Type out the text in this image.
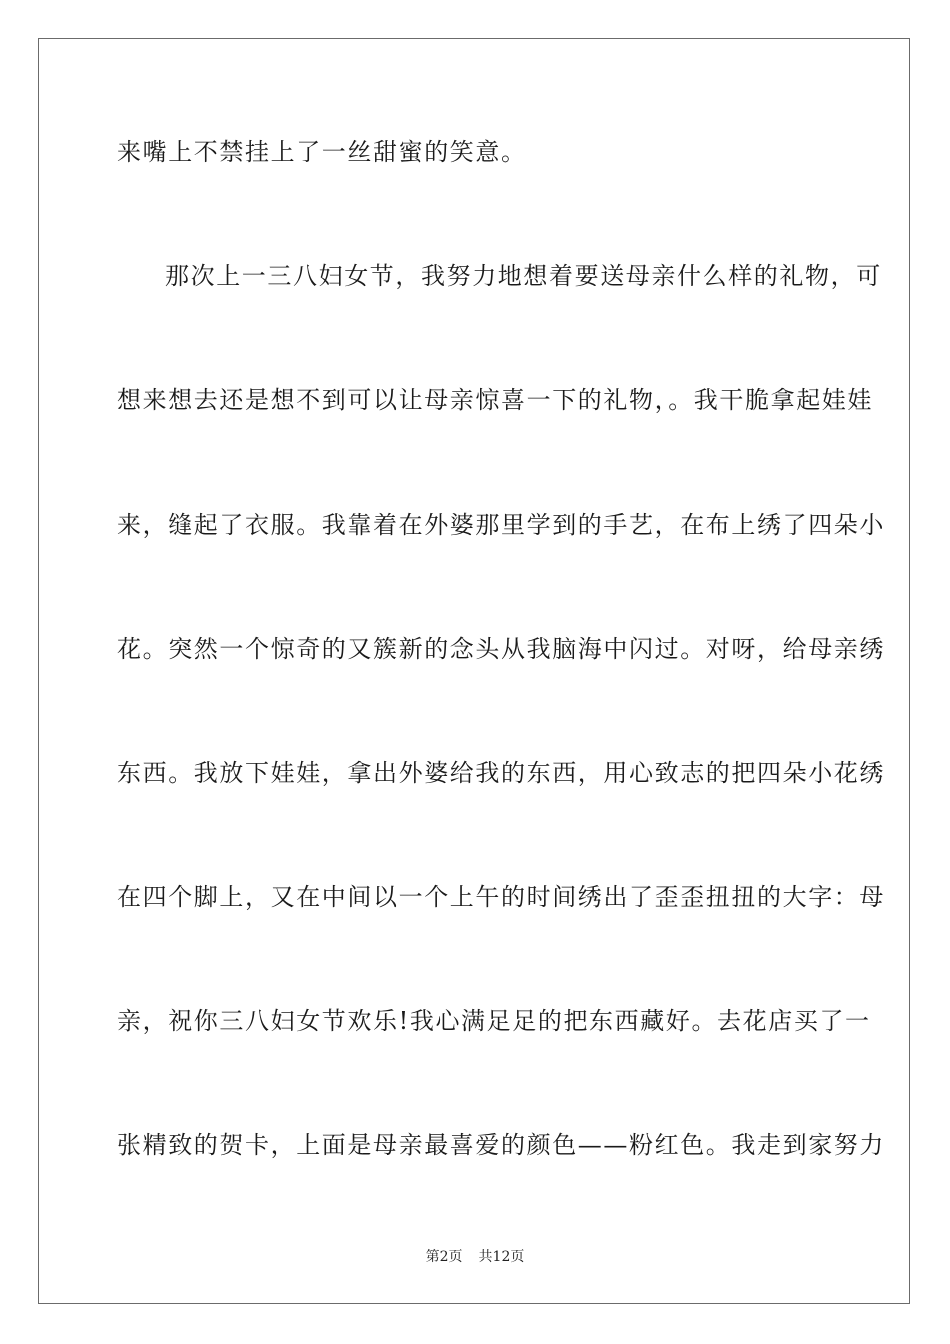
来嘴上不禁挂上了一丝甜蜜的笑意。
那次上一三八妇女节，我努力地想着要送母亲什么样的礼物，可
想来想去还是想不到可以让母亲惊喜一下的礼物，。我干脆拿起娃娃
来，缝起了衣服。我靠着在外婆那里学到的手艺，在布上绣了四朵小
花。突然一个惊奇的又簇新的念头从我脑海中闪过。对呀，给母亲绣
东西。我放下娃娃，拿出外婆给我的东西，用心致志的把四朵小花绣
在四个脚上，又在中间以一个上午的时间绣出了歪歪扭扭的大字：母
亲，祝你三八妇女节欢乐!我心满足足的把东西藏好。去花店买了一
张精致的贺卡，上面是母亲最喜爱的颜色——粉红色。我走到家努力
第2页 共12页
